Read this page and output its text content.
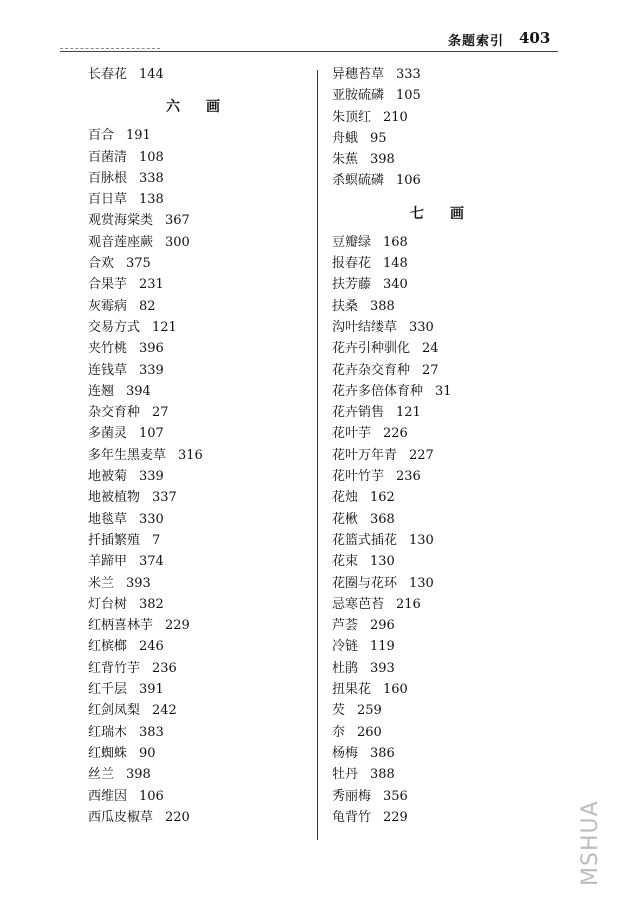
条题索引 403
长春花 144
六 画
百合 191
百菌清 108
百脉根 338
百日草 138
观赏海棠类 367
观音莲座蕨 300
合欢 375
合果芋 231
灰霉病 82
交易方式 121
夹竹桃 396
连钱草 339
连翘 394
杂交育种 27
多菌灵 107
多年生黑麦草 316
地被菊 339
地被植物 337
地毯草 330
扦插繁殖 7
羊蹄甲 374
米兰 393
灯台树 382
红柄喜林芋 229
红槟榔 246
红背竹芋 236
红千层 391
红剑凤梨 242
红瑞木 383
红蜘蛛 90
丝兰 398
西维因 106
西瓜皮椒草 220
异穗苔草 333
亚胺硫磷 105
朱顶红 210
舟蛾 95
朱蕉 398
杀螟硫磷 106
七 画
豆瓣绿 168
报春花 148
扶芳藤 340
扶桑 388
沟叶结缕草 330
花卉引种驯化 24
花卉杂交育种 27
花卉多倍体育种 31
花卉销售 121
花叶芋 226
花叶万年青 227
花叶竹芋 236
花烛 162
花楸 368
花篮式插花 130
花束 130
花圈与花环 130
忌寒芭苔 216
芦荟 296
冷链 119
杜鹃 393
扭果花 160
芡 259
夵 260
杨梅 386
牡丹 388
秀丽梅 356
龟背竹 229	MSHUA
